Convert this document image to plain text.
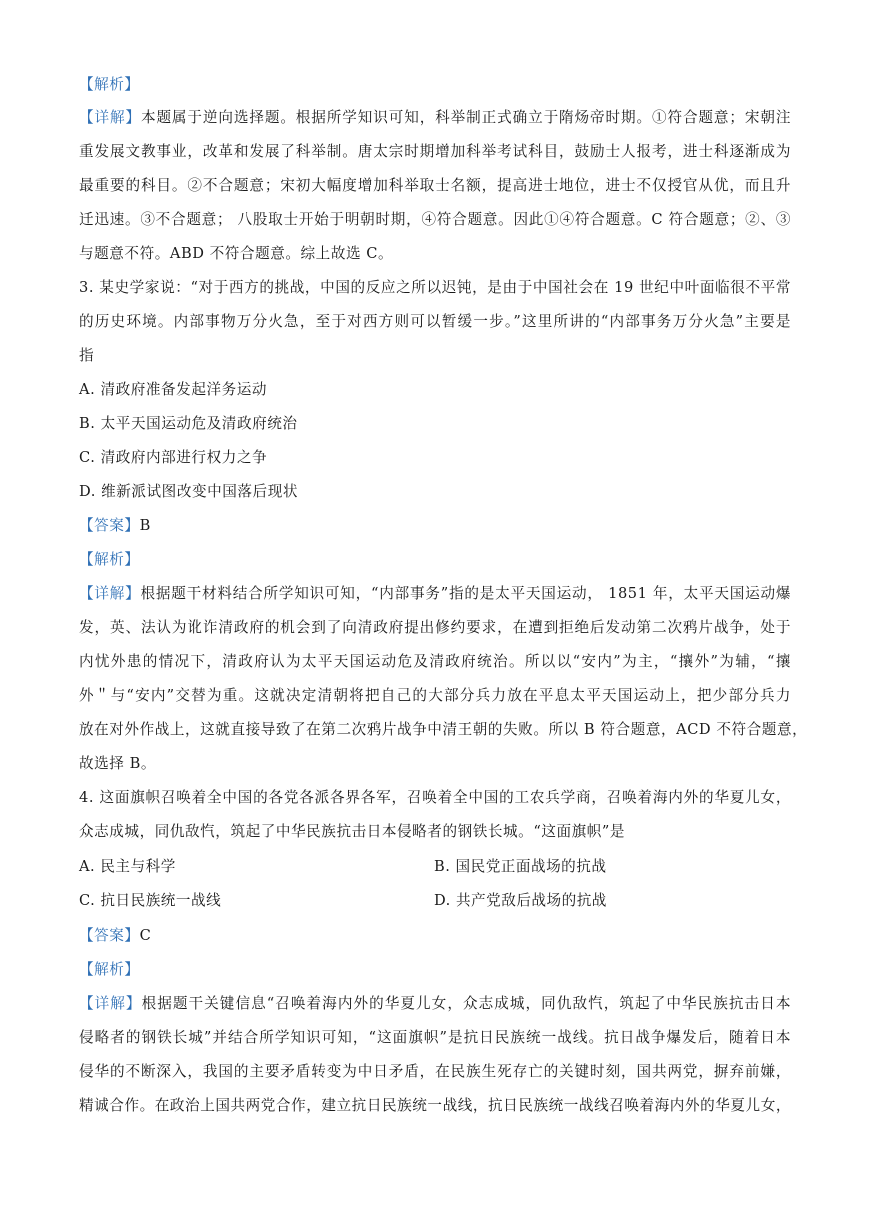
【解析】
【详解】本题属于逆向选择题。根据所学知识可知，科举制正式确立于隋炀帝时期。①符合题意；宋朝注
重发展文教事业，改革和发展了科举制。唐太宗时期增加科举考试科目，鼓励士人报考，进士科逐渐成为
最重要的科目。②不合题意；宋初大幅度增加科举取士名额，提高进士地位，进士不仅授官从优，而且升
迁迅速。③不合题意； 八股取士开始于明朝时期，④符合题意。因此①④符合题意。C 符合题意；②、③
与题意不符。ABD 不符合题意。综上故选 C。
3. 某史学家说：“对于西方的挑战，中国的反应之所以迟钝，是由于中国社会在 19 世纪中叶面临很不平常
的历史环境。内部事物万分火急，至于对西方则可以暂缓一步。”这里所讲的“内部事务万分火急”主要是
指
A. 清政府准备发起洋务运动
B. 太平天国运动危及清政府统治
C. 清政府内部进行权力之争
D. 维新派试图改变中国落后现状
【答案】B
【解析】
【详解】根据题干材料结合所学知识可知，“内部事务”指的是太平天国运动， 1851 年，太平天国运动爆
发，英、法认为讹诈清政府的机会到了向清政府提出修约要求，在遭到拒绝后发动第二次鸦片战争，处于
内忧外患的情况下，清政府认为太平天国运动危及清政府统治。所以以“安内”为主，“攘外”为辅，“攘
外＂与“安内”交替为重。这就决定清朝将把自己的大部分兵力放在平息太平天国运动上，把少部分兵力
放在对外作战上，这就直接导致了在第二次鸦片战争中清王朝的失败。所以 B 符合题意，ACD 不符合题意，
故选择 B。
4. 这面旗帜召唤着全中国的各党各派各界各军，召唤着全中国的工农兵学商，召唤着海内外的华夏儿女，
众志成城，同仇敌忾，筑起了中华民族抗击日本侵略者的钢铁长城。“这面旗帜”是
A. 民主与科学	B. 国民党正面战场的抗战
C. 抗日民族统一战线	D. 共产党敌后战场的抗战
【答案】C
【解析】
【详解】根据题干关键信息“召唤着海内外的华夏儿女，众志成城，同仇敌忾，筑起了中华民族抗击日本
侵略者的钢铁长城”并结合所学知识可知，“这面旗帜”是抗日民族统一战线。抗日战争爆发后，随着日本
侵华的不断深入，我国的主要矛盾转变为中日矛盾，在民族生死存亡的关键时刻，国共两党，摒弃前嫌，
精诚合作。在政治上国共两党合作，建立抗日民族统一战线，抗日民族统一战线召唤着海内外的华夏儿女，
